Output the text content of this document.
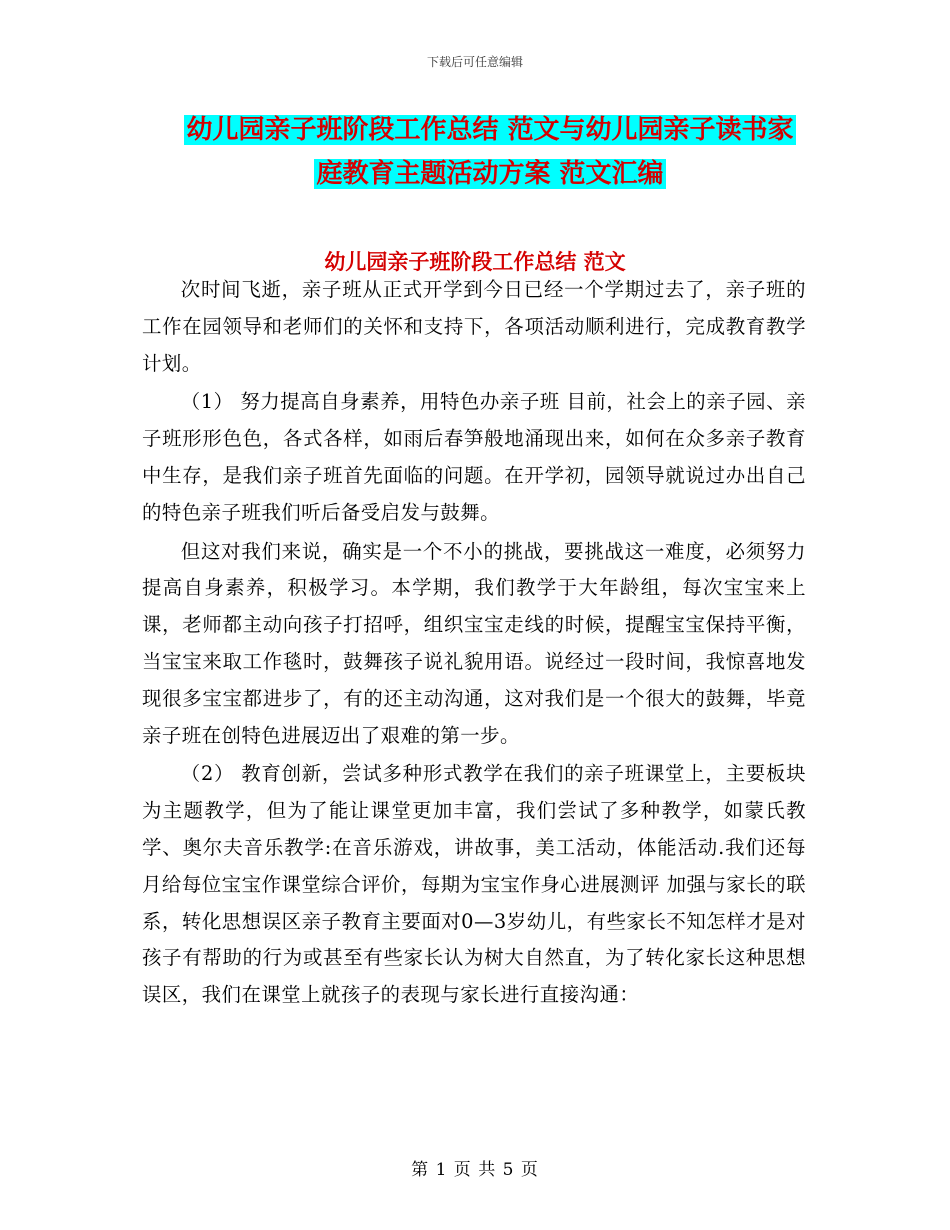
下载后可任意编辑
幼儿园亲子班阶段工作总结 范文与幼儿园亲子读书家
庭教育主题活动方案 范文汇编
幼儿园亲子班阶段工作总结 范文

次时间飞逝，亲子班从正式开学到今日已经一个学期过去了，亲子班的工作在园领导和老师们的关怀和支持下，各项活动顺利进行，完成教育教学计划。

（1） 努力提高自身素养，用特色办亲子班 目前，社会上的亲子园、亲子班形形色色，各式各样，如雨后春笋般地涌现出来，如何在众多亲子教育中生存，是我们亲子班首先面临的问题。在开学初，园领导就说过办出自己的特色亲子班我们听后备受启发与鼓舞。

但这对我们来说，确实是一个不小的挑战，要挑战这一难度，必须努力提高自身素养，积极学习。本学期，我们教学于大年龄组，每次宝宝来上课，老师都主动向孩子打招呼，组织宝宝走线的时候，提醒宝宝保持平衡，当宝宝来取工作毯时，鼓舞孩子说礼貌用语。说经过一段时间，我惊喜地发现很多宝宝都进步了，有的还主动沟通，这对我们是一个很大的鼓舞，毕竟亲子班在创特色进展迈出了艰难的第一步。

（2） 教育创新，尝试多种形式教学在我们的亲子班课堂上，主要板块为主题教学，但为了能让课堂更加丰富，我们尝试了多种教学，如蒙氏教学、奥尔夫音乐教学:在音乐游戏，讲故事，美工活动，体能活动.我们还每月给每位宝宝作课堂综合评价，每期为宝宝作身心进展测评 加强与家长的联系，转化思想误区亲子教育主要面对0—3岁幼儿，有些家长不知怎样才是对孩子有帮助的行为或甚至有些家长认为树大自然直，为了转化家长这种思想误区，我们在课堂上就孩子的表现与家长进行直接沟通：

第 1 页 共 5 页
